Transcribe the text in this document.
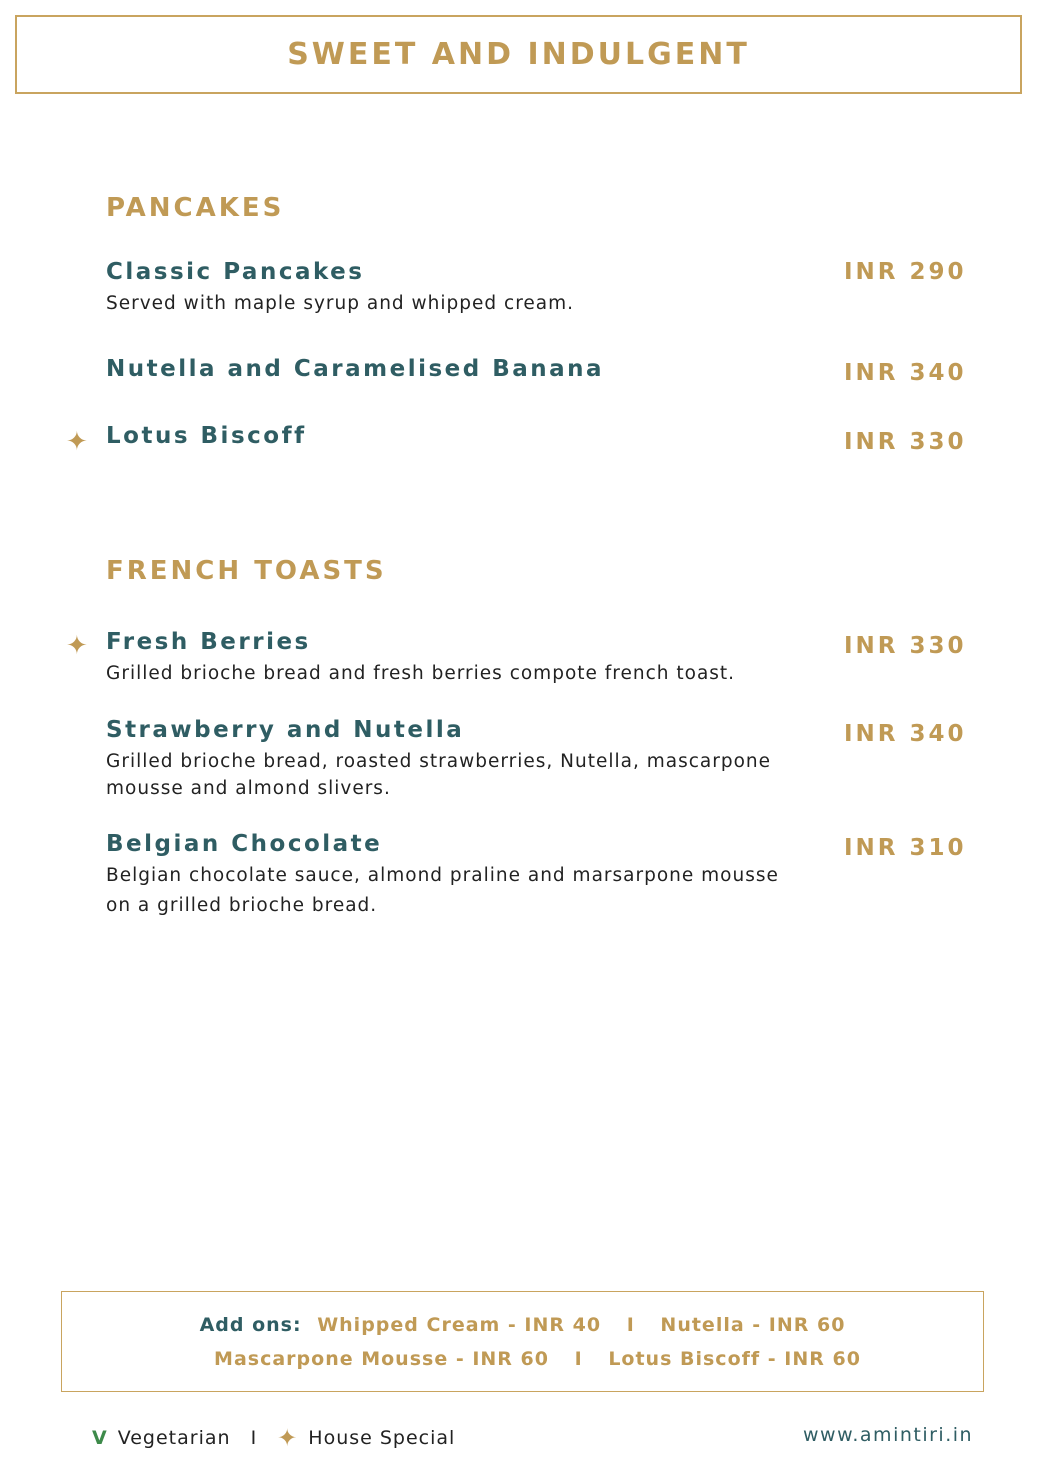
SWEET AND INDULGENT
PANCAKES
Classic Pancakes	INR 290
Served with maple syrup and whipped cream.
Nutella and Caramelised Banana	INR 340
✦ Lotus Biscoff	INR 330
FRENCH TOASTS
✦ Fresh Berries	INR 330
Grilled brioche bread and fresh berries compote french toast.
Strawberry and Nutella	INR 340
Grilled brioche bread, roasted strawberries, Nutella, mascarpone mousse and almond slivers.
Belgian Chocolate	INR 310
Belgian chocolate sauce, almond praline and marsarpone mousse on a grilled brioche bread.
Add ons: Whipped Cream - INR 40 I Nutella - INR 60
Mascarpone Mousse - INR 60 I Lotus Biscoff - INR 60
V Vegetarian I ✦ House Special	www.amintiri.in
